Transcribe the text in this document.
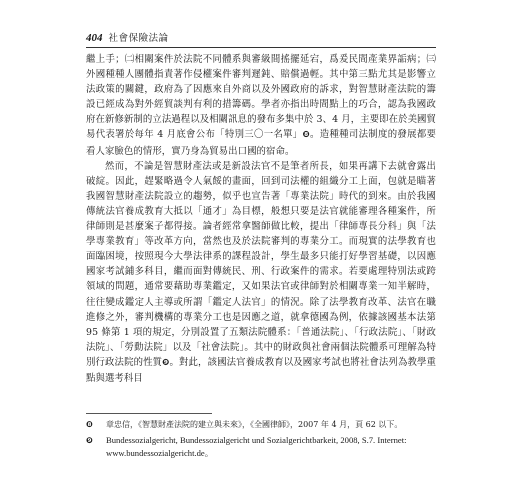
404 社會保險法論

繼上手；㈡相關案件於法院不同體系與審級間搖擺延宕，爲爰民間產業界詬病；㈢外國種種人團體指責著作侵權案件審判遲鈍、賠償過輕。其中第三點尤其是影響立法政策的關鍵，政府為了因應來自外商以及外國政府的訴求，對智慧財產法院的籌設已經成為對外經貿談判有利的措籌碼。學者亦指出時間點上的巧合，認為我國政府在新修新制的立法過程以及相關訊息的發布多集中於 3、4 月，主要即在於美國貿易代表署於每年 4 月底會公布「特別三〇一名單」❽。造種種司法制度的發展都要看人家臉色的情形，實乃身為貿易出口國的宿命。

然而，不論是智慧財產法或是新設法官不是筆者所長，如果再講下去就會露出破綻。因此，趕緊略過令人氣餒的畫面，回到司法權的組織分工上面，包就是瞄著我國智慧財產法院設立的趨勢，似乎也宣告著「專業法院」時代的到來。由於我國傳統法官養成教育大抵以「通才」為目標，般想只要是法官就能審理各種案件，所律師則是甚麼案子都得接。論者經常拿醫師做比較，提出「律師專長分科」與「法學專業教育」等改革方向，當然也及於法院審判的專業分工。而現實的法學教育也面臨困境，按照現今大學法律系的課程設計，學生最多只能打好學習基礎，以因應國家考試鋪多科目，繼而面對傳統民、刑、行政案件的需求。若要處理特別法或跨領域的問題，通常要藉助專業鑑定，又如果法官或律師對於相關專業一知半解時，往往變成鑑定人主導或所謂「鑑定人法官」的情況。除了法學教育改革、法官在職進修之外，審判機構的專業分工也是因應之道，就拿德國為例，依據該國基本法第 95 條第 1 項的規定，分別設置了五類法院體系：「普通法院」、「行政法院」、「財政法院」、「勞動法院」以及「社會法院」。其中的財政與社會兩個法院體系可理解為特別行政法院的性質❾。對此，該國法官養成教育以及國家考試也將社會法列為教學重點與選考科目

❽	章忠信，《智慧財產法院的建立與未來》，《全國律師》，2007 年 4 月，頁 62 以下。
❾	Bundessozialgericht, Bundessozialgericht und Sozialgerichtbarkeit, 2008, S.7. Internet: www.bundessozialgericht.de。
